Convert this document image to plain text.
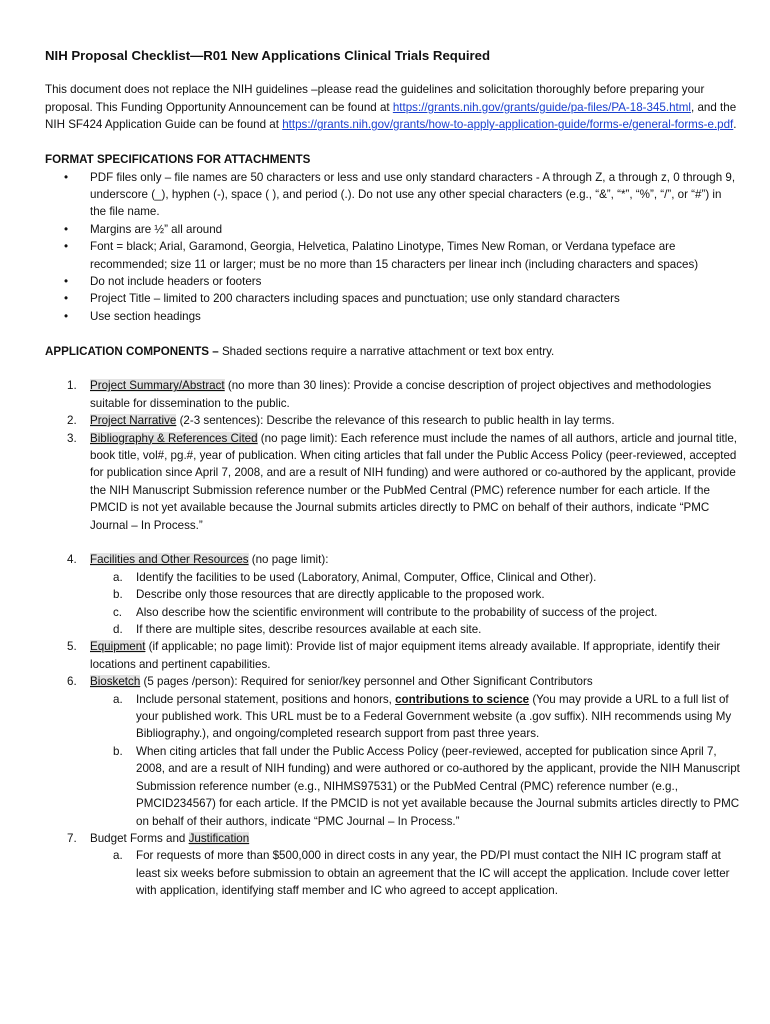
NIH Proposal Checklist—R01 New Applications Clinical Trials Required

This document does not replace the NIH guidelines –please read the guidelines and solicitation thoroughly before preparing your proposal. This Funding Opportunity Announcement can be found at https://grants.nih.gov/grants/guide/pa-files/PA-18-345.html, and the NIH SF424 Application Guide can be found at https://grants.nih.gov/grants/how-to-apply-application-guide/forms-e/general-forms-e.pdf.

FORMAT SPECIFICATIONS FOR ATTACHMENTS
• PDF files only – file names are 50 characters or less and use only standard characters - A through Z, a through z, 0 through 9, underscore (_), hyphen (-), space ( ), and period (.). Do not use any other special characters (e.g., “&”, “*”, “%”, “/”, or “#”) in the file name.
• Margins are ½” all around
• Font = black; Arial, Garamond, Georgia, Helvetica, Palatino Linotype, Times New Roman, or Verdana typeface are recommended; size 11 or larger; must be no more than 15 characters per linear inch (including characters and spaces)
• Do not include headers or footers
• Project Title – limited to 200 characters including spaces and punctuation; use only standard characters
• Use section headings

APPLICATION COMPONENTS – Shaded sections require a narrative attachment or text box entry.

1. Project Summary/Abstract (no more than 30 lines): Provide a concise description of project objectives and methodologies suitable for dissemination to the public.
2. Project Narrative (2-3 sentences): Describe the relevance of this research to public health in lay terms.
3. Bibliography & References Cited (no page limit): Each reference must include the names of all authors, article and journal title, book title, vol#, pg.#, year of publication. When citing articles that fall under the Public Access Policy (peer-reviewed, accepted for publication since April 7, 2008, and are a result of NIH funding) and were authored or co-authored by the applicant, provide the NIH Manuscript Submission reference number or the PubMed Central (PMC) reference number for each article. If the PMCID is not yet available because the Journal submits articles directly to PMC on behalf of their authors, indicate “PMC Journal – In Process.”
4. Facilities and Other Resources (no page limit):
a. Identify the facilities to be used (Laboratory, Animal, Computer, Office, Clinical and Other).
b. Describe only those resources that are directly applicable to the proposed work.
c. Also describe how the scientific environment will contribute to the probability of success of the project.
d. If there are multiple sites, describe resources available at each site.
5. Equipment (if applicable; no page limit): Provide list of major equipment items already available. If appropriate, identify their locations and pertinent capabilities.
6. Biosketch (5 pages /person): Required for senior/key personnel and Other Significant Contributors
a. Include personal statement, positions and honors, contributions to science (You may provide a URL to a full list of your published work. This URL must be to a Federal Government website (a .gov suffix). NIH recommends using My Bibliography.), and ongoing/completed research support from past three years.
b. When citing articles that fall under the Public Access Policy (peer-reviewed, accepted for publication since April 7, 2008, and are a result of NIH funding) and were authored or co-authored by the applicant, provide the NIH Manuscript Submission reference number (e.g., NIHMS97531) or the PubMed Central (PMC) reference number (e.g., PMCID234567) for each article. If the PMCID is not yet available because the Journal submits articles directly to PMC on behalf of their authors, indicate “PMC Journal – In Process.”
7. Budget Forms and Justification
a. For requests of more than $500,000 in direct costs in any year, the PD/PI must contact the NIH IC program staff at least six weeks before submission to obtain an agreement that the IC will accept the application. Include cover letter with application, identifying staff member and IC who agreed to accept application.
